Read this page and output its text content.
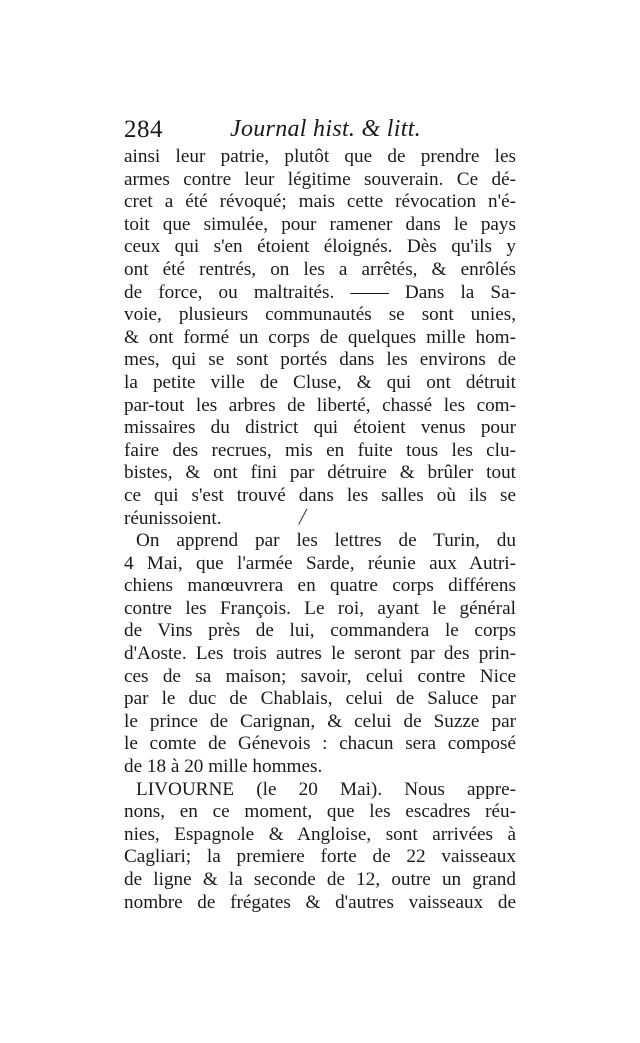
284	Journal hist. & litt.
ainsi leur patrie, plutôt que de prendre les
armes contre leur légitime souverain. Ce dé-
cret a été révoqué; mais cette révocation n'é-
toit que simulée, pour ramener dans le pays
ceux qui s'en étoient éloignés. Dès qu'ils y
ont été rentrés, on les a arrêtés, & enrôlés
de force, ou maltraités. —— Dans la Sa-
voie, plusieurs communautés se sont unies,
& ont formé un corps de quelques mille hom-
mes, qui se sont portés dans les environs de
la petite ville de Cluse, & qui ont détruit
par-tout les arbres de liberté, chassé les com-
missaires du district qui étoient venus pour
faire des recrues, mis en fuite tous les clu-
bistes, & ont fini par détruire & brûler tout
ce qui s'est trouvé dans les salles où ils se
réunissoient.
On apprend par les lettres de Turin, du
4 Mai, que l'armée Sarde, réunie aux Autri-
chiens manœuvrera en quatre corps différens
contre les François. Le roi, ayant le général
de Vins près de lui, commandera le corps
d'Aoste. Les trois autres le seront par des prin-
ces de sa maison; savoir, celui contre Nice
par le duc de Chablais, celui de Saluce par
le prince de Carignan, & celui de Suzze par
le comte de Génevois : chacun sera composé
de 18 à 20 mille hommes.
LIVOURNE (le 20 Mai). Nous appre-
nons, en ce moment, que les escadres réu-
nies, Espagnole & Angloise, sont arrivées à
Cagliari; la premiere forte de 22 vaisseaux
de ligne & la seconde de 12, outre un grand
nombre de frégates & d'autres vaisseaux de
